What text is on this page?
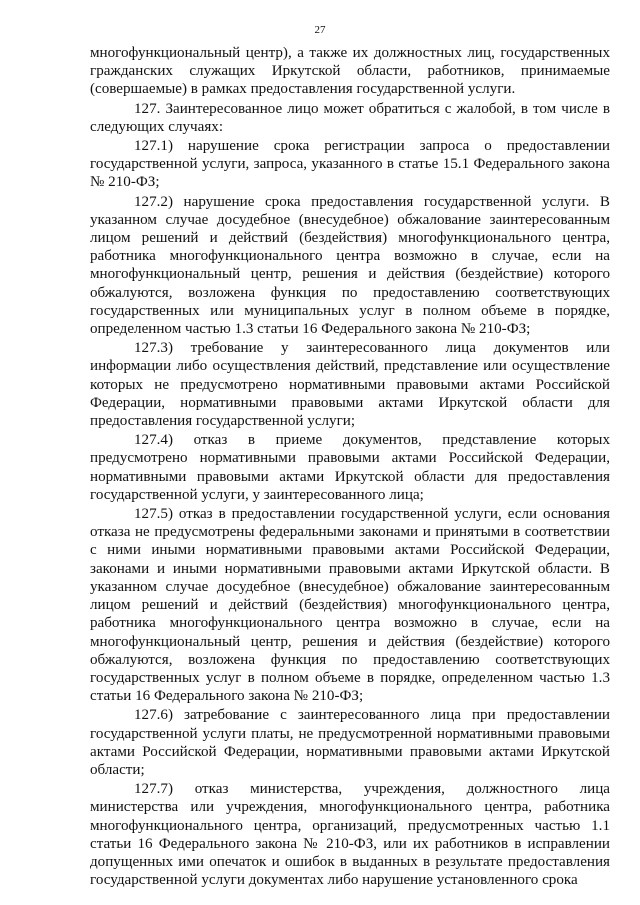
27

многофункциональный центр), а также их должностных лиц, государственных гражданских служащих Иркутской области, работников, принимаемые (совершаемые) в рамках предоставления государственной услуги.

127. Заинтересованное лицо может обратиться с жалобой, в том числе в следующих случаях:

127.1) нарушение срока регистрации запроса о предоставлении государственной услуги, запроса, указанного в статье 15.1 Федерального закона № 210-ФЗ;

127.2) нарушение срока предоставления государственной услуги. В указанном случае досудебное (внесудебное) обжалование заинтересованным лицом решений и действий (бездействия) многофункционального центра, работника многофункционального центра возможно в случае, если на многофункциональный центр, решения и действия (бездействие) которого обжалуются, возложена функция по предоставлению соответствующих государственных или муниципальных услуг в полном объеме в порядке, определенном частью 1.3 статьи 16 Федерального закона № 210-ФЗ;

127.3) требование у заинтересованного лица документов или информации либо осуществления действий, представление или осуществление которых не предусмотрено нормативными правовыми актами Российской Федерации, нормативными правовыми актами Иркутской области для предоставления государственной услуги;

127.4) отказ в приеме документов, представление которых предусмотрено нормативными правовыми актами Российской Федерации, нормативными правовыми актами Иркутской области для предоставления государственной услуги, у заинтересованного лица;

127.5) отказ в предоставлении государственной услуги, если основания отказа не предусмотрены федеральными законами и принятыми в соответствии с ними иными нормативными правовыми актами Российской Федерации, законами и иными нормативными правовыми актами Иркутской области. В указанном случае досудебное (внесудебное) обжалование заинтересованным лицом решений и действий (бездействия) многофункционального центра, работника многофункционального центра возможно в случае, если на многофункциональный центр, решения и действия (бездействие) которого обжалуются, возложена функция по предоставлению соответствующих государственных услуг в полном объеме в порядке, определенном частью 1.3 статьи 16 Федерального закона № 210-ФЗ;

127.6) затребование с заинтересованного лица при предоставлении государственной услуги платы, не предусмотренной нормативными правовыми актами Российской Федерации, нормативными правовыми актами Иркутской области;

127.7) отказ министерства, учреждения, должностного лица министерства или учреждения, многофункционального центра, работника многофункционального центра, организаций, предусмотренных частью 1.1 статьи 16 Федерального закона № 210-ФЗ, или их работников в исправлении допущенных ими опечаток и ошибок в выданных в результате предоставления государственной услуги документах либо нарушение установленного срока
